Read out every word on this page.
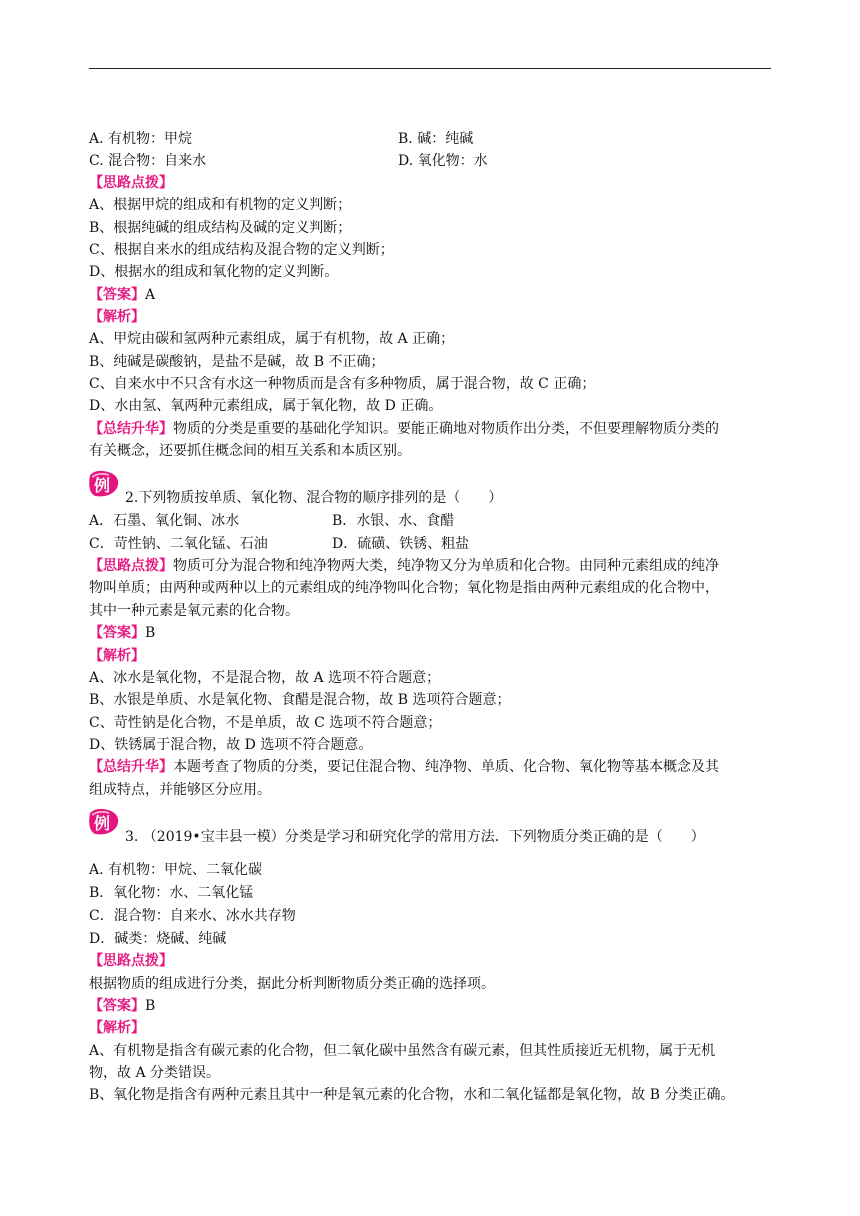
A. 有机物：甲烷	B. 碱：纯碱
C. 混合物：自来水	D. 氧化物：水
【思路点拨】
A、根据甲烷的组成和有机物的定义判断；
B、根据纯碱的组成结构及碱的定义判断；
C、根据自来水的组成结构及混合物的定义判断；
D、根据水的组成和氧化物的定义判断。
【答案】A
【解析】
A、甲烷由碳和氢两种元素组成，属于有机物，故 A 正确；
B、纯碱是碳酸钠，是盐不是碱，故 B 不正确；
C、自来水中不只含有水这一种物质而是含有多种物质，属于混合物，故 C 正确；
D、水由氢、氧两种元素组成，属于氧化物，故 D 正确。
【总结升华】物质的分类是重要的基础化学知识。要能正确地对物质作出分类，不但要理解物质分类的
有关概念，还要抓住概念间的相互关系和本质区别。
例
2.下列物质按单质、氧化物、混合物的顺序排列的是（　　）
A．石墨、氧化铜、冰水	B．水银、水、食醋
C．苛性钠、二氧化锰、石油	D．硫磺、铁锈、粗盐
【思路点拨】物质可分为混合物和纯净物两大类，纯净物又分为单质和化合物。由同种元素组成的纯净
物叫单质；由两种或两种以上的元素组成的纯净物叫化合物；氧化物是指由两种元素组成的化合物中，
其中一种元素是氧元素的化合物。
【答案】B
【解析】
A、冰水是氧化物，不是混合物，故 A 选项不符合题意；
B、水银是单质、水是氧化物、食醋是混合物，故 B 选项符合题意；
C、苛性钠是化合物，不是单质，故 C 选项不符合题意；
D、铁锈属于混合物，故 D 选项不符合题意。
【总结升华】本题考查了物质的分类，要记住混合物、纯净物、单质、化合物、氧化物等基本概念及其
组成特点，并能够区分应用。
例
3. （2019•宝丰县一模）分类是学习和研究化学的常用方法．下列物质分类正确的是（　　）
A. 有机物：甲烷、二氧化碳
B．氧化物：水、二氧化锰
C．混合物：自来水、冰水共存物
D．碱类：烧碱、纯碱
【思路点拨】
根据物质的组成进行分类，据此分析判断物质分类正确的选择项。
【答案】B
【解析】
A、有机物是指含有碳元素的化合物，但二氧化碳中虽然含有碳元素，但其性质接近无机物，属于无机
物，故 A 分类错误。
B、氧化物是指含有两种元素且其中一种是氧元素的化合物，水和二氧化锰都是氧化物，故 B 分类正确。
